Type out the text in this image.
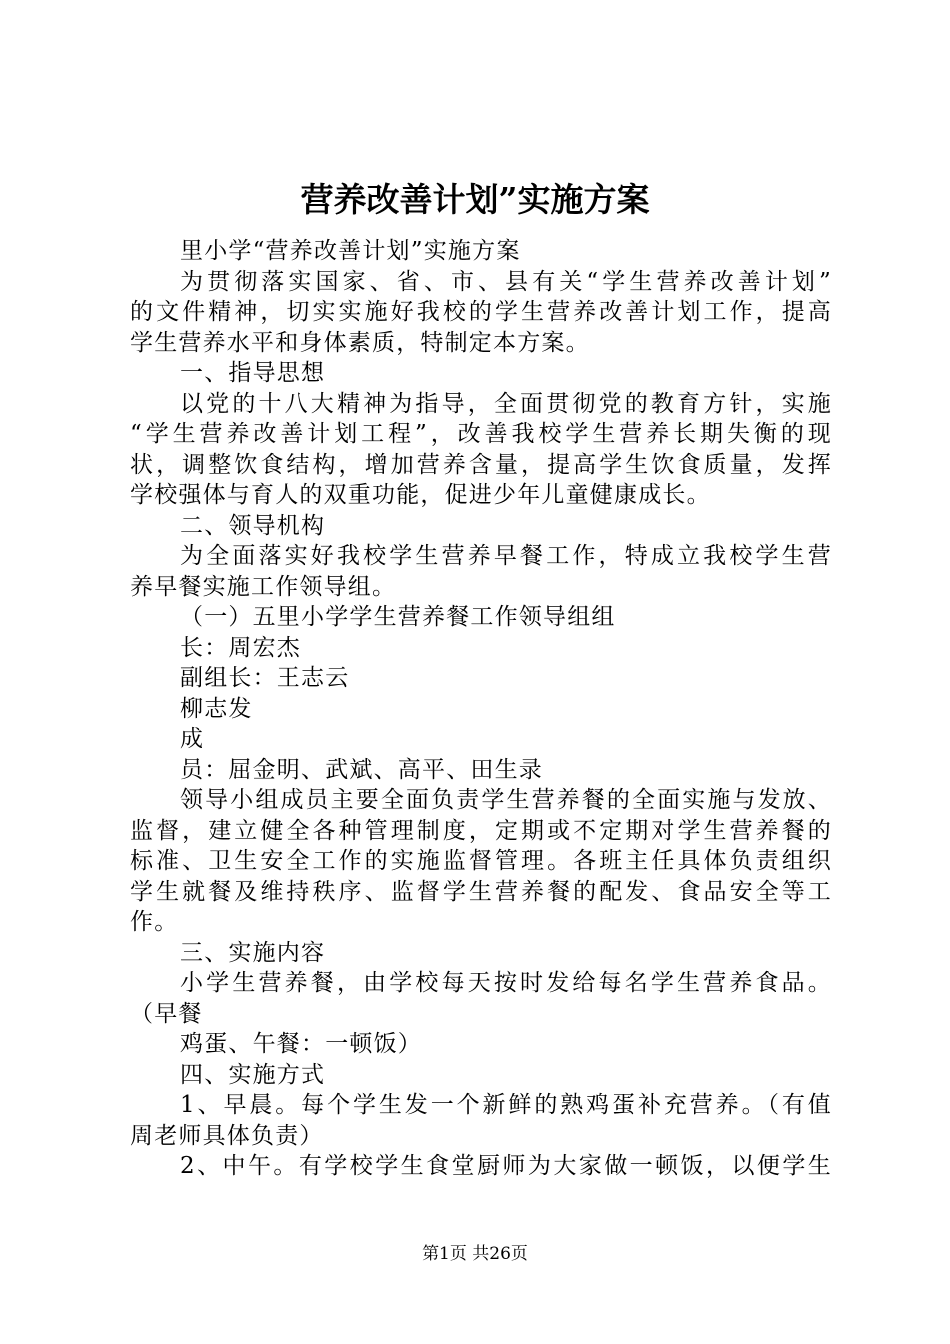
营养改善计划”实施方案

里小学“营养改善计划”实施方案

为贯彻落实国家、省、市、县有关“学生营养改善计划”

的文件精神，切实实施好我校的学生营养改善计划工作，提高

学生营养水平和身体素质，特制定本方案。

一、指导思想

以党的十八大精神为指导，全面贯彻党的教育方针，实施

“学生营养改善计划工程”，改善我校学生营养长期失衡的现

状，调整饮食结构，增加营养含量，提高学生饮食质量，发挥

学校强体与育人的双重功能，促进少年儿童健康成长。

二、领导机构

为全面落实好我校学生营养早餐工作，特成立我校学生营

养早餐实施工作领导组。

（一）五里小学学生营养餐工作领导组组

长：周宏杰

副组长：王志云

柳志发

成

员：屈金明、武斌、高平、田生录

领导小组成员主要全面负责学生营养餐的全面实施与发放、

监督，建立健全各种管理制度，定期或不定期对学生营养餐的

标准、卫生安全工作的实施监督管理。各班主任具体负责组织

学生就餐及维持秩序、监督学生营养餐的配发、食品安全等工

作。

三、实施内容

小学生营养餐，由学校每天按时发给每名学生营养食品。

（早餐

鸡蛋、午餐：一顿饭）

四、实施方式

1、早晨。每个学生发一个新鲜的熟鸡蛋补充营养。（有值

周老师具体负责）

2、中午。有学校学生食堂厨师为大家做一顿饭，以便学生

第1页 共26页
